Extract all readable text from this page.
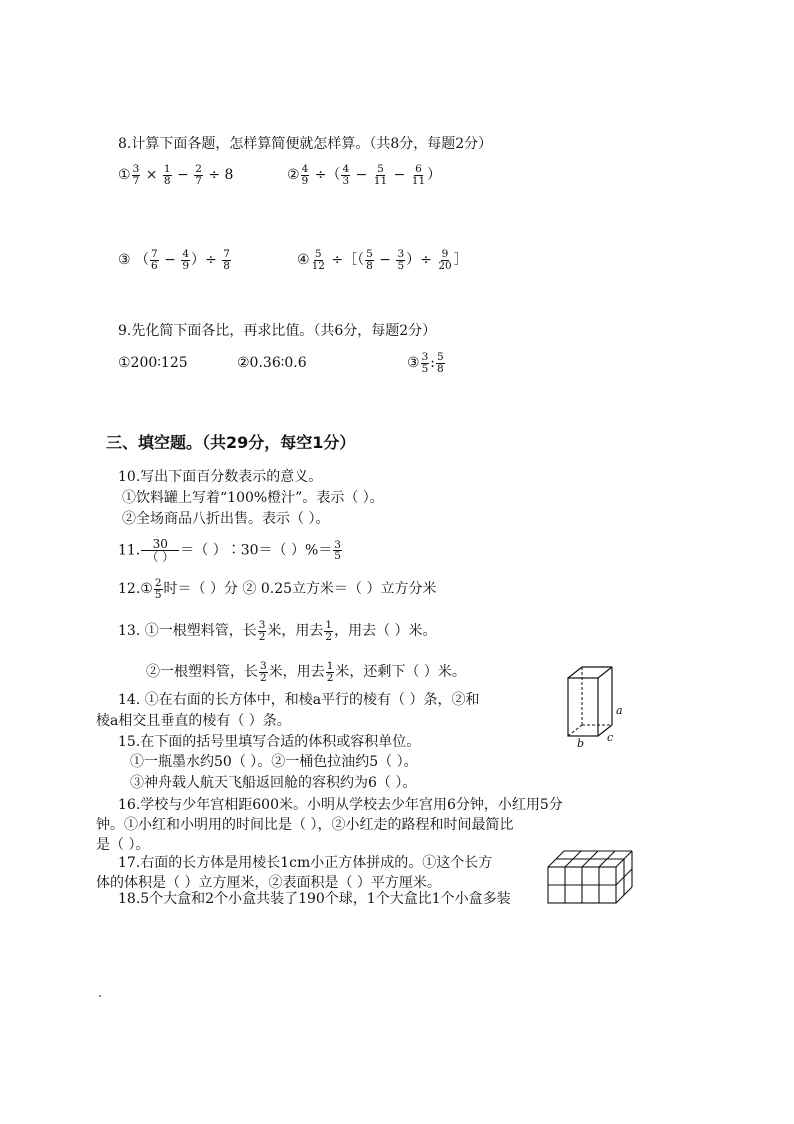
8.计算下面各题，怎样算简便就怎样算。（共8分，每题2分）
① $\frac{3}{7} \times \frac{1}{8} - \frac{2}{7} \div 8$	② $\frac{4}{9}$ ÷（ $\frac{4}{3} - \frac{5}{11} - \frac{6}{11}$ ）
③ （ $\frac{7}{6} - \frac{4}{9}$ ）÷ $\frac{7}{8}$	④ $\frac{5}{12}$ ÷［（ $\frac{5}{8} - \frac{3}{5}$ ）÷ $\frac{9}{20}$ ］
9.先化简下面各比，再求比值。（共6分，每题2分）
①200∶125	②0.36∶0.6	③ $\frac{3}{5}$ : $\frac{5}{8}$
三、填空题。（共29分，每空1分）
10.写出下面百分数表示的意义。
①饮料罐上写着“100%橙汁”。表示（ ）。
②全场商品八折出售。表示（ ）。
11. $\frac{30}{( )}$ ＝（ ）∶30＝（ ）%＝ $\frac{3}{5}$
12.① $\frac{2}{5}$ 时＝（ ）分 ② 0.25立方米＝（ ）立方分米
13. ①一根塑料管，长 $\frac{3}{2}$ 米，用去 $\frac{1}{2}$ ，用去（ ）米。
②一根塑料管，长 $\frac{3}{2}$ 米，用去 $\frac{1}{2}$ 米，还剩下（ ）米。
14. ①在右面的长方体中，和棱a平行的棱有（ ）条，②和
棱a相交且垂直的棱有（ ）条。
a
b c
15.在下面的括号里填写合适的体积或容积单位。
①一瓶墨水约50（ ）。②一桶色拉油约5（ ）。
③神舟载人航天飞船返回舱的容积约为6（ ）。
16.学校与少年宫相距600米。小明从学校去少年宫用6分钟，小红用5分
钟。①小红和小明用的时间比是（ ），②小红走的路程和时间最简比
是（ ）。
17.右面的长方体是用棱长1cm小正方体拼成的。①这个长方
体的体积是（ ）立方厘米，②表面积是（ ）平方厘米。
18.5个大盒和2个小盒共装了190个球，1个大盒比1个小盒多装
